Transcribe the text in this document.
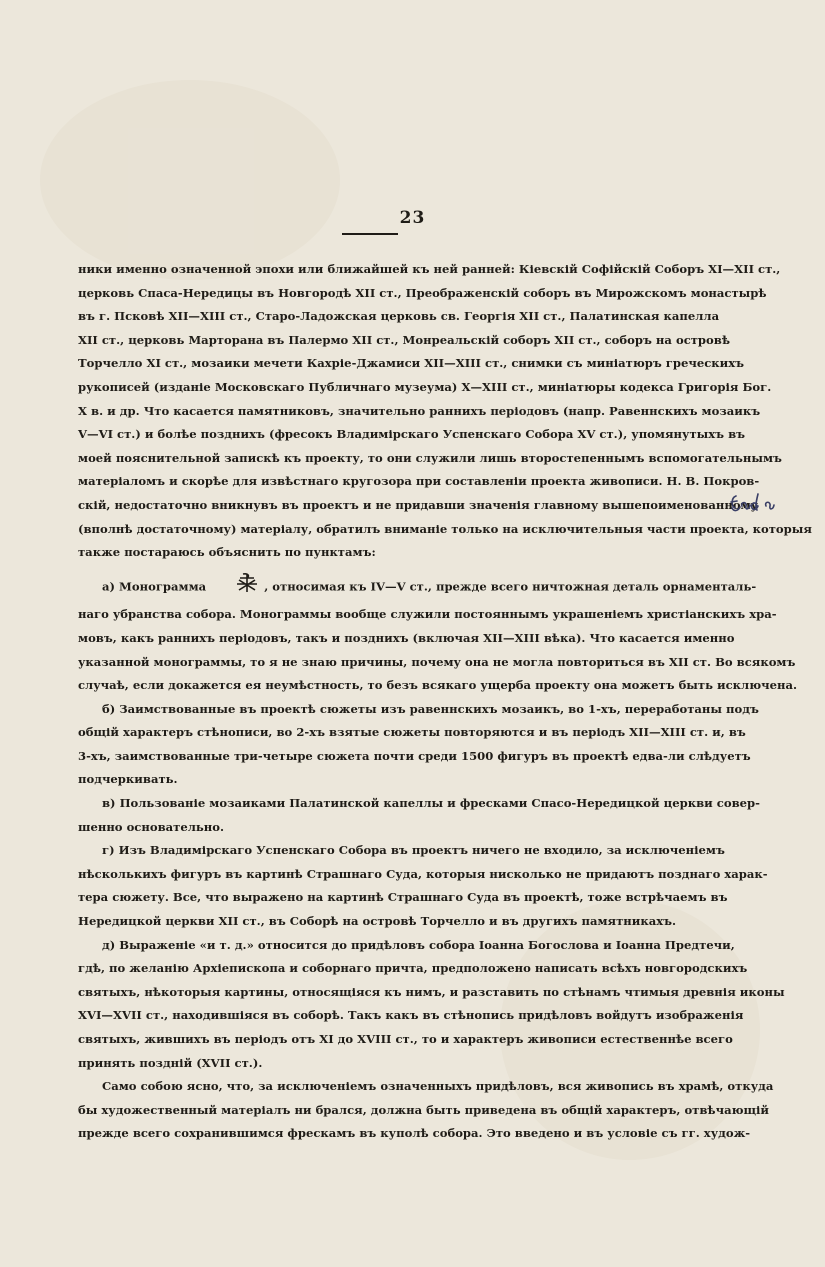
23
ники именно означенной эпохи или ближайшей къ ней ранней: Кіевскій Софійскій Соборъ XI—XII ст.,
церковь Спаса-Нередицы въ Новгородѣ XII ст., Преображенскій соборъ въ Мирожскомъ монастырѣ
въ г. Псковѣ XII—XIII ст., Старо-Ладожская церковь св. Георгія XII ст., Палатинская капелла
XII ст., церковь Марторана въ Палермо XII ст., Монреальскій соборъ XII ст., соборъ на островѣ
Торчелло XI ст., мозаики мечети Кахріе-Джамиси XII—XIII ст., снимки съ миніатюръ греческихъ
рукописей (изданіе Московскаго Публичнаго музеума) X—XIII ст., миніатюры кодекса Григорія Бог.
X в. и др. Что касается памятниковъ, значительно раннихъ періодовъ (напр. Равеннскихъ мозаикъ
V—VI ст.) и болѣе позднихъ (фресокъ Владимірскаго Успенскаго Собора XV ст.), упомянутыхъ въ
моей пояснительной запискѣ къ проекту, то они служили лишь второстепеннымъ вспомогательнымъ
матеріаломъ и скорѣе для извѣстнаго кругозора при составленіи проекта живописи. Н. В. Покров-
скій, недостаточно вникнувъ въ проектъ и не придавши значенія главному вышепоименованному
(вполнѣ достаточному) матеріалу, обратилъ вниманіе только на исключительныя части проекта, которыя
также постараюсь объяснить по пунктамъ:
а) Монограмма	, относимая къ IV—V ст., прежде всего ничтожная деталь орнаменталь-
наго убранства собора. Монограммы вообще служили постояннымъ украшеніемъ христіанскихъ хра-
мовъ, какъ раннихъ періодовъ, такъ и позднихъ (включая XII—XIII вѣка). Что касается именно
указанной монограммы, то я не знаю причины, почему она не могла повториться въ XII ст. Во всякомъ
случаѣ, если докажется ея неумѣстность, то безъ всякаго ущерба проекту она можетъ быть исключена.
б) Заимствованные въ проектѣ сюжеты изъ равеннскихъ мозаикъ, во 1-хъ, переработаны подъ
общій характеръ стѣнописи, во 2-хъ взятые сюжеты повторяются и въ періодъ XII—XIII ст. и, въ
3-хъ, заимствованные три-четыре сюжета почти среди 1500 фигуръ въ проектѣ едва-ли слѣдуетъ
подчеркивать.
в) Пользованіе мозаиками Палатинской капеллы и фресками Спасо-Нередицкой церкви совер-
шенно основательно.
г) Изъ Владимірскаго Успенскаго Собора въ проектъ ничего не входило, за исключеніемъ
нѣсколькихъ фигуръ въ картинѣ Страшнаго Суда, которыя нисколько не придаютъ позднаго харак-
тера сюжету. Все, что выражено на картинѣ Страшнаго Суда въ проектѣ, тоже встрѣчаемъ въ
Нередицкой церкви XII ст., въ Соборѣ на островѣ Торчелло и въ другихъ памятникахъ.
д) Выраженіе «и т. д.» относится до придѣловъ собора Іоанна Богослова и Іоанна Предтечи,
гдѣ, по желанію Архіепископа и соборнаго причта, предположено написать всѣхъ новгородскихъ
святыхъ, нѣкоторыя картины, относящіяся къ нимъ, и разставить по стѣнамъ чтимыя древнія иконы
XVI—XVII ст., находившіяся въ соборѣ. Такъ какъ въ стѣнопись придѣловъ войдутъ изображенія
святыхъ, жившихъ въ періодъ отъ XI до XVIII ст., то и характеръ живописи естественнѣе всего
принять поздній (XVII ст.).
Само собою ясно, что, за исключеніемъ означенныхъ придѣловъ, вся живопись въ храмѣ, откуда
бы художественный матеріалъ ни брался, должна быть приведена въ общій характеръ, отвѣчающій
прежде всего сохранившимся фрескамъ въ куполѣ собора. Это введено и въ условіе съ гг. худож-
